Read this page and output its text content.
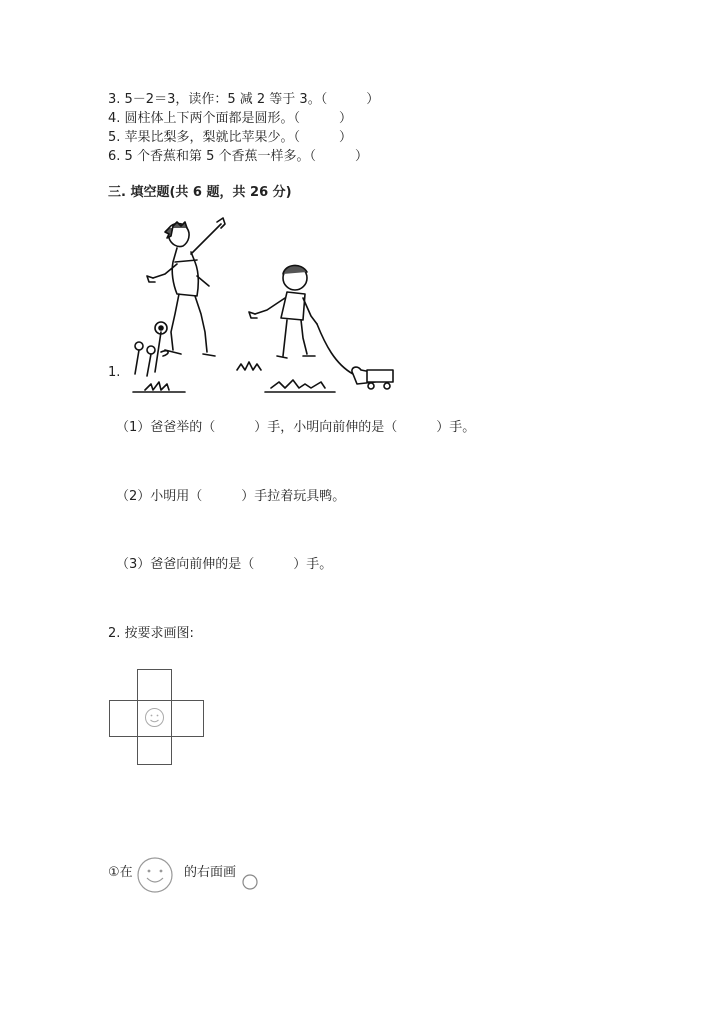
3. 5－2＝3，读作：5 减 2 等于 3。（　　　）
4. 圆柱体上下两个面都是圆形。（　　　）
5. 苹果比梨多，梨就比苹果少。（　　　）
6. 5 个香蕉和第 5 个香蕉一样多。（　　　）
三. 填空题(共 6 题，共 26 分)
1.
（1）爸爸举的（　　　）手，小明向前伸的是（　　　）手。
（2）小明用（　　　）手拉着玩具鸭。
（3）爸爸向前伸的是（　　　）手。
2. 按要求画图:
①在	的右面画
